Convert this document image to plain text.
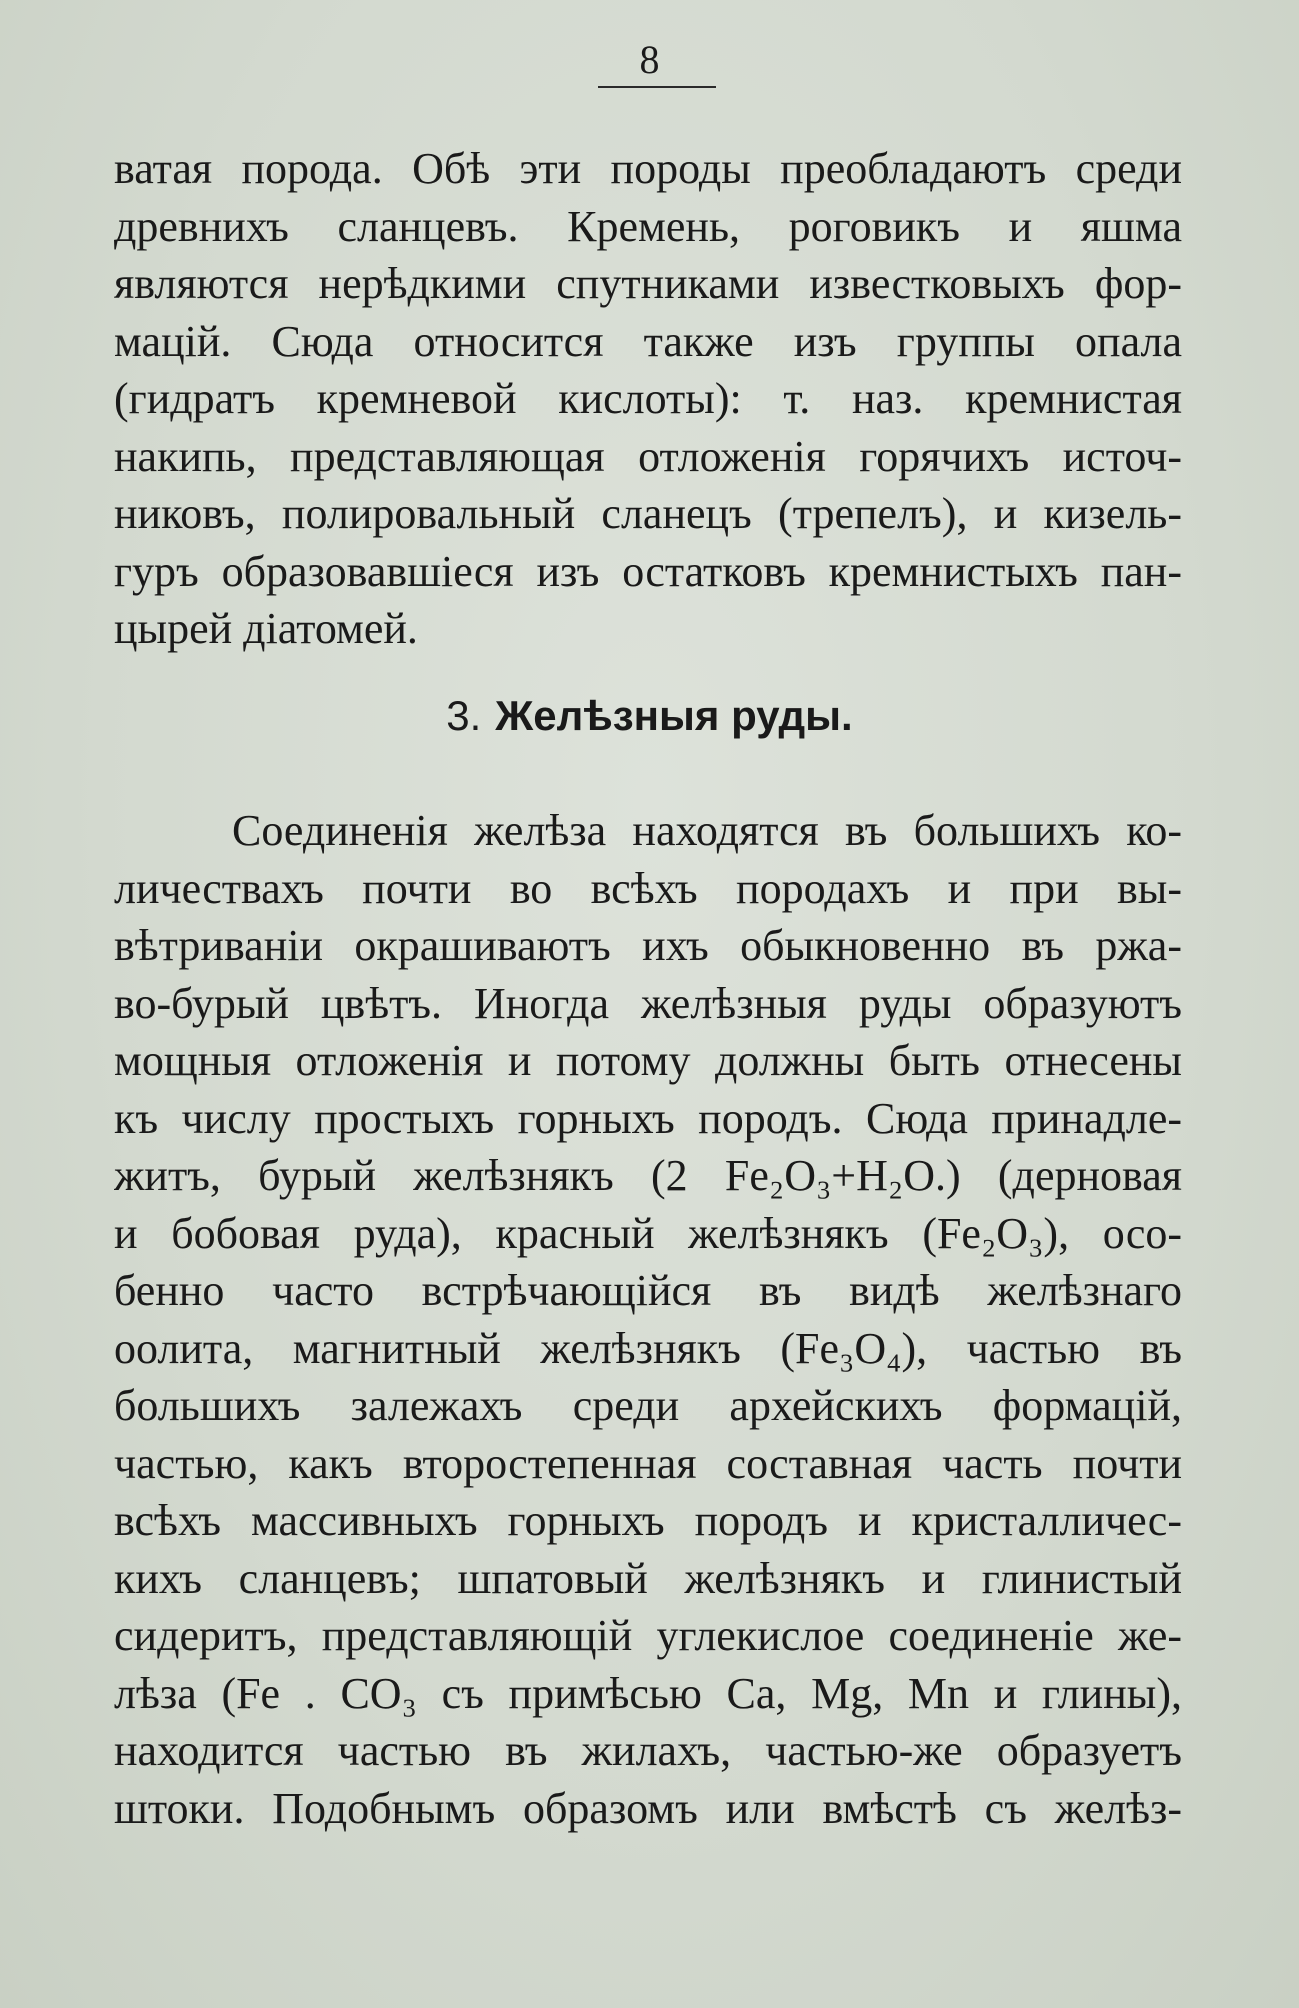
8
ватая порода. Обѣ эти породы преобладаютъ среди
древнихъ сланцевъ. Кремень, роговикъ и яшма
являются нерѣдкими спутниками известковыхъ фор-
мацій. Сюда относится также изъ группы опала
(гидратъ кремневой кислоты): т. наз. кремнистая
накипь, представляющая отложенія горячихъ источ-
никовъ, полировальный сланецъ (трепелъ), и кизель-
гуръ образовавшіеся изъ остатковъ кремнистыхъ пан-
цырей діатомей.
3. Желѣзныя руды.
Соединенія желѣза находятся въ большихъ ко-
личествахъ почти во всѣхъ породахъ и при вы-
вѣтриваніи окрашиваютъ ихъ обыкновенно въ ржа-
во-бурый цвѣтъ. Иногда желѣзныя руды образуютъ
мощныя отложенія и потому должны быть отнесены
къ числу простыхъ горныхъ породъ. Сюда принадле-
житъ, бурый желѣзнякъ (2 Fe₂O₃+H₂O.) (дерновая
и бобовая руда), красный желѣзнякъ (Fe₂O₃), осо-
бенно часто встрѣчающійся въ видѣ желѣзнаго
оолита, магнитный желѣзнякъ (Fe₃O₄), частью въ
большихъ залежахъ среди архейскихъ формацій,
частью, какъ второстепенная составная часть почти
всѣхъ массивныхъ горныхъ породъ и кристалличес-
кихъ сланцевъ; шпатовый желѣзнякъ и глинистый
сидеритъ, представляющій углекислое соединеніе же-
лѣза (Fe . CO₃ съ примѣсью Ca, Mg, Mn и глины),
находится частью въ жилахъ, частью-же образуетъ
штоки. Подобнымъ образомъ или вмѣстѣ съ желѣз-
